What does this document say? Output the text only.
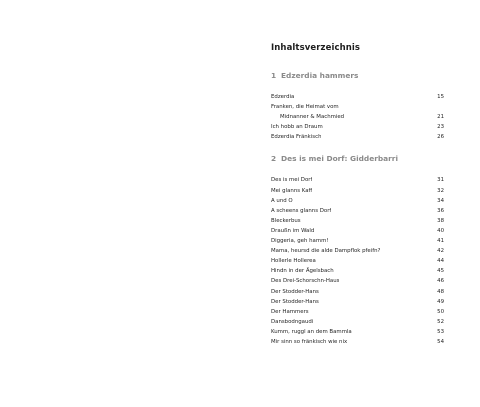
Inhaltsverzeichnis
1 Edzerdia hammers
Edzerdia	15
Franken, die Heimat vom
Midnanner & Machmied	21
Ich hobb an Draum	23
Edzerdia Fränkisch	26
2 Des is mei Dorf: Gidderbarri
Des is mei Dorf	31
Mei glanns Kaff	32
A und O	34
A scheens glanns Dorf	36
Bleckerbus	38
Draußn im Wald	40
Diggeria, geh hamm!	41
Mama, heursd die alde Dampflok pfeifn?	42
Hollerle Hollerea	44
Hindn in der Ägelsbach	45
Des Drei-Schorschn-Haus	46
Der Stodder-Hans	48
Der Stodder-Hans	49
Der Hammers	50
Dansbodngaudi	52
Kumm, ruggl an dem Bammla	53
Mir sinn so fränkisch wie nix	54
